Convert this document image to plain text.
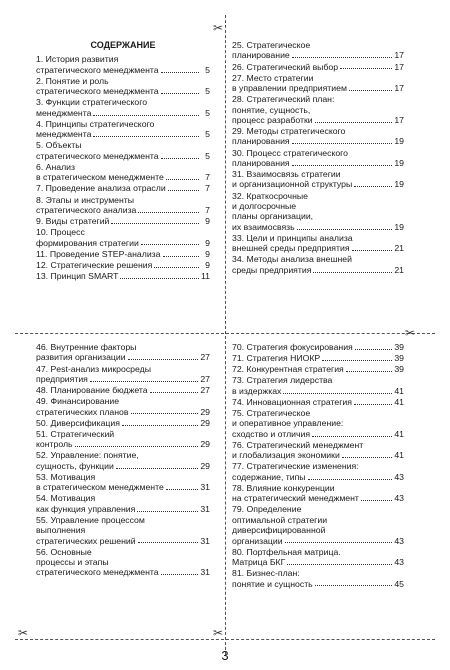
✂
✂
✂	✂
СОДЕРЖАНИЕ
1. История развития
стратегического менеджмента	5
2. Понятие и роль
стратегического менеджмента	5
3. Функции стратегического
менеджмента	5
4. Принципы стратегического
менеджмента	5
5. Объекты
стратегического менеджмента	5
6. Анализ
в стратегическом менеджменте	7
7. Проведение анализа отрасли	7
8. Этапы и инструменты
стратегического анализа	7
9. Виды стратегий	9
10. Процесс
формирования стратегии	9
11. Проведение STEP-анализа	9
12. Стратегические решения	9
13. Принцип SMART	11
25. Стратегическое
планирование	17
26. Стратегический выбор	17
27. Место стратегии
в управлении предприятием	17
28. Стратегический план:
понятие, сущность,
процесс разработки	17
29. Методы стратегического
планирования	19
30. Процесс стратегического
планирования	19
31. Взаимосвязь стратегии
и организационной структуры	19
32. Краткосрочные
и долгосрочные
планы организации,
их взаимосвязь	19
33. Цели и принципы анализа
внешней среды предприятия	21
34. Методы анализа внешней
среды предприятия	21
46. Внутренние факторы
развития организации	27
47. Pest-анализ микросреды
предприятия	27
48. Планирование бюджета	27
49. Финансирование
стратегических планов	29
50. Диверсификация	29
51. Стратегический
контроль	29
52. Управление: понятие,
сущность, функции	29
53. Мотивация
в стратегическом менеджменте	31
54. Мотивация
как функция управления	31
55. Управление процессом
выполнения
стратегических решений	31
56. Основные
процессы и этапы
стратегического менеджмента	31
70. Стратегия фокусирования	39
71. Стратегия НИОКР	39
72. Конкурентная стратегия	39
73. Стратегия лидерства
в издержках	41
74. Инновационная стратегия	41
75. Стратегическое
и оперативное управление:
сходство и отличия	41
76. Стратегический менеджмент
и глобализация экономики	41
77. Стратегические изменения:
содержание, типы	43
78. Влияние конкуренции
на стратегический менеджмент	43
79. Определение
оптимальной стратегии
диверсифицированной
организации	43
80. Портфельная матрица.
Матрица БКГ	43
81. Бизнес-план:
понятие и сущность	45
3
